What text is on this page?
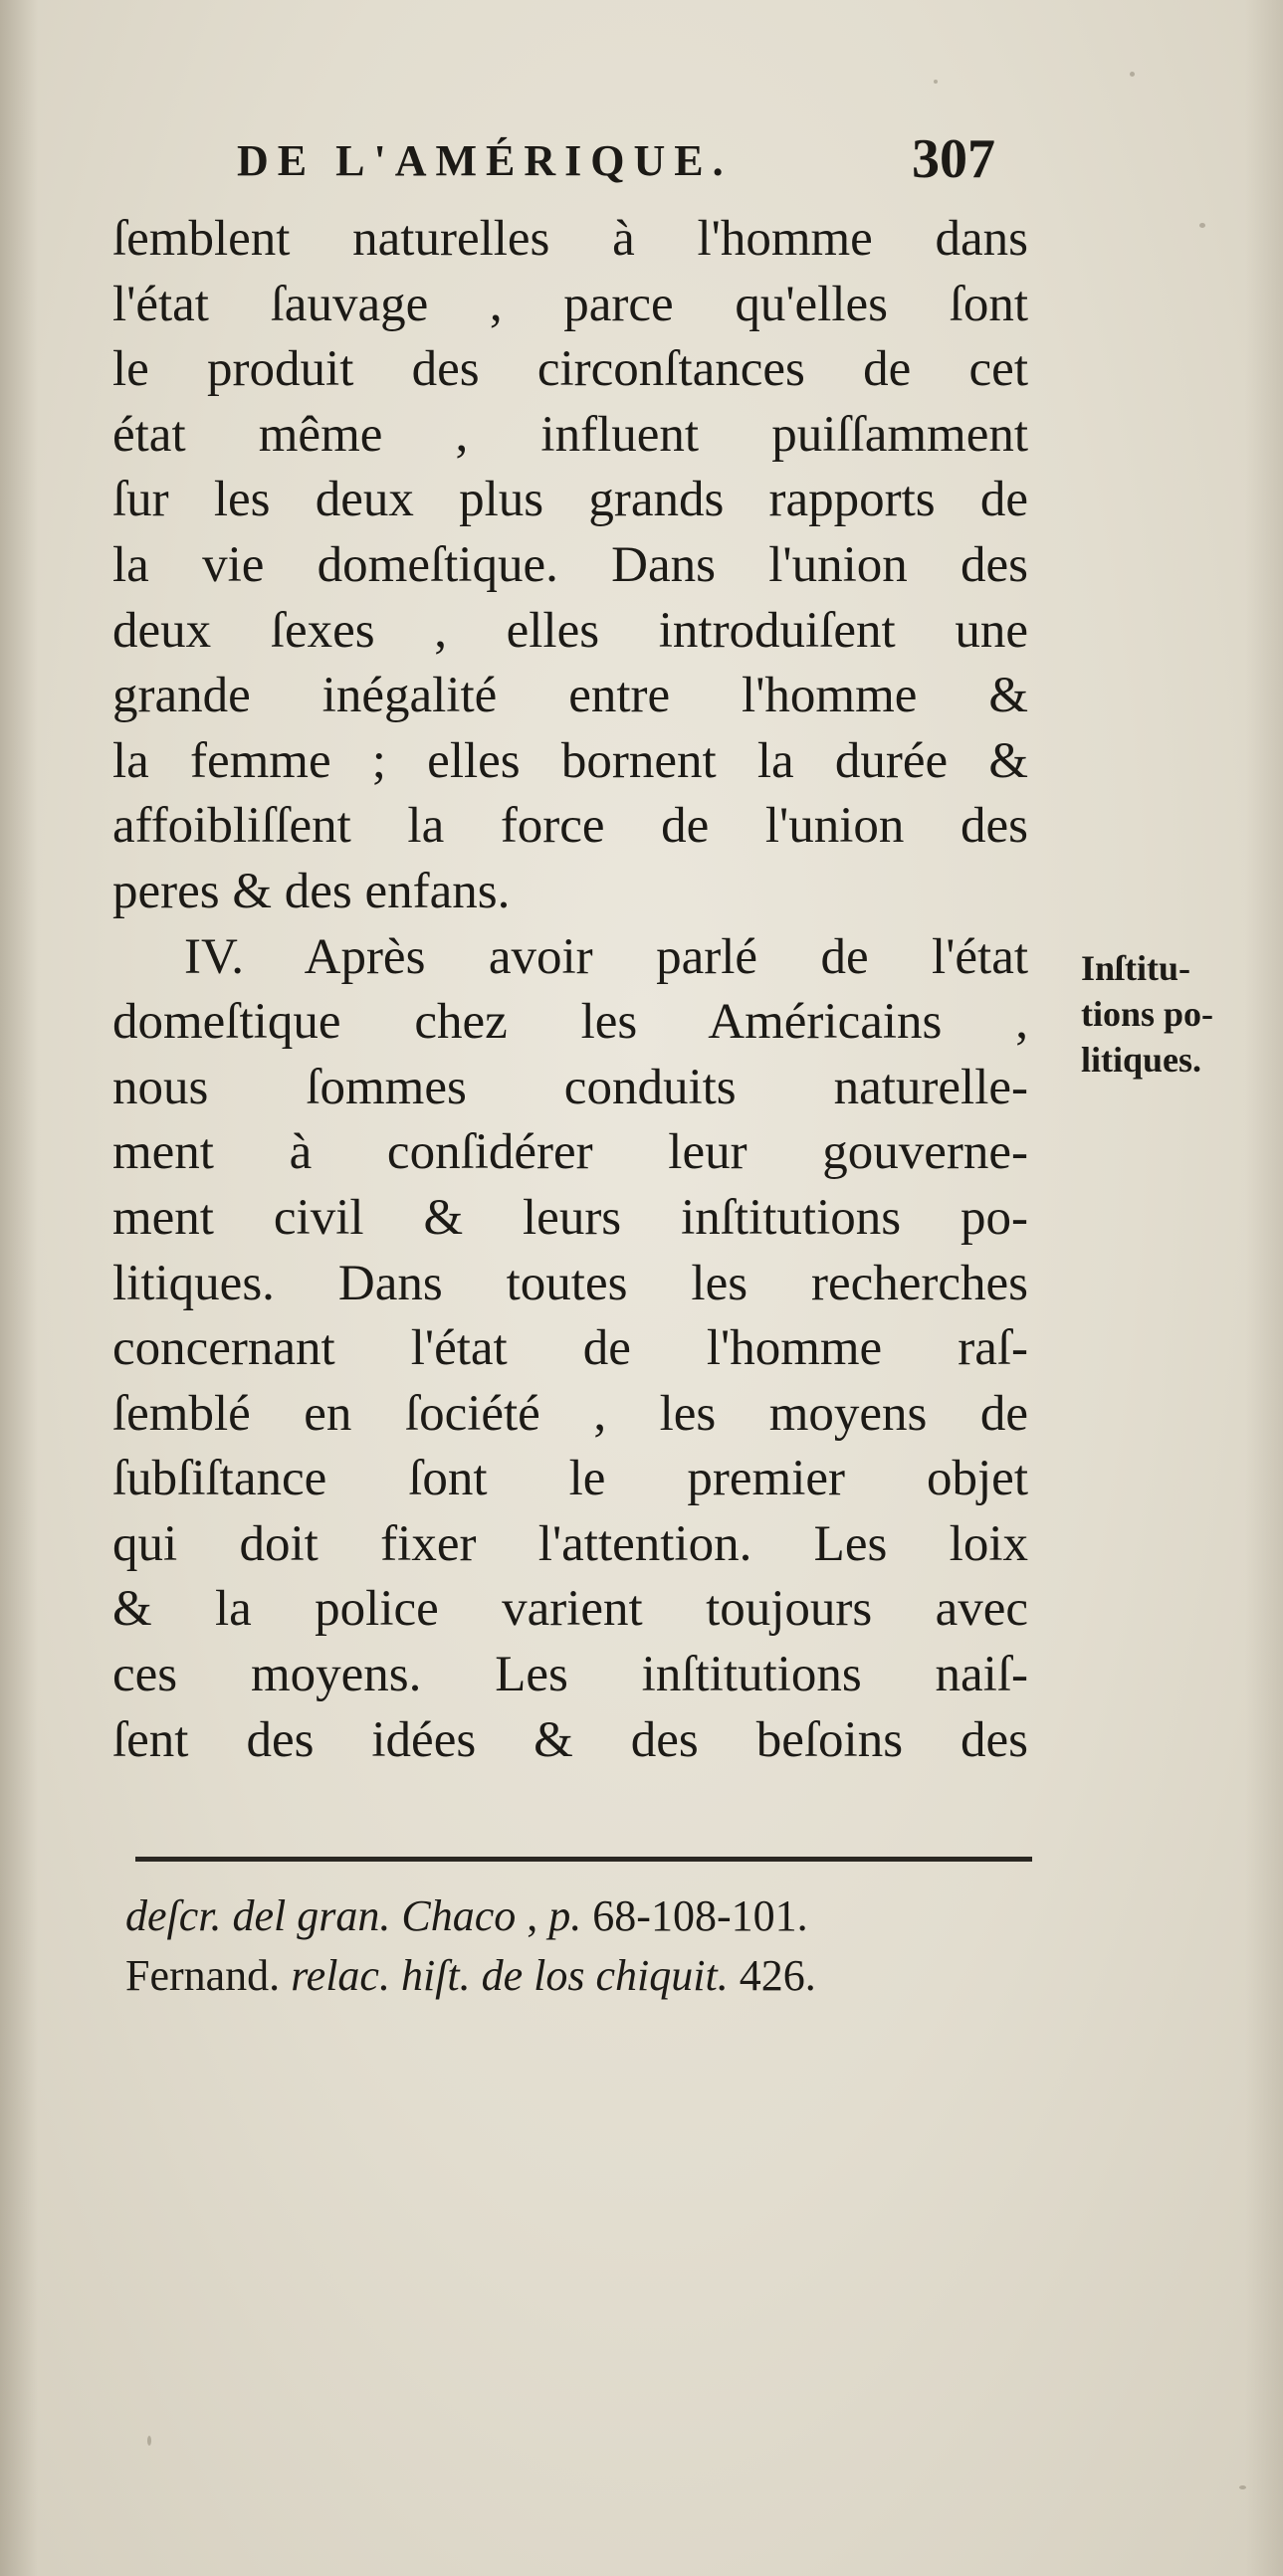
DE L'AMÉRIQUE.	307
ſemblent naturelles à l'homme dans
l'état ſauvage , parce qu'elles ſont
le produit des circonſtances de cet
état même , influent puiſſamment
ſur les deux plus grands rapports de
la vie domeſtique. Dans l'union des
deux ſexes , elles introduiſent une
grande inégalité entre l'homme &
la femme ; elles bornent la durée &
affoibliſſent la force de l'union des
peres & des enfans.
IV. Après avoir parlé de l'état
domeſtique chez les Américains ,
nous ſommes conduits naturelle-
ment à conſidérer leur gouverne-
ment civil & leurs inſtitutions po-
litiques. Dans toutes les recherches
concernant l'état de l'homme raſ-
ſemblé en ſociété , les moyens de
ſubſiſtance ſont le premier objet
qui doit fixer l'attention. Les loix
& la police varient toujours avec
ces moyens. Les inſtitutions naiſ-
ſent des idées & des beſoins des
Inſtitu-
tions po-
litiques.
deſcr. del gran. Chaco , p. 68-108-101.
Fernand. relac. hiſt. de los chiquit. 426.
